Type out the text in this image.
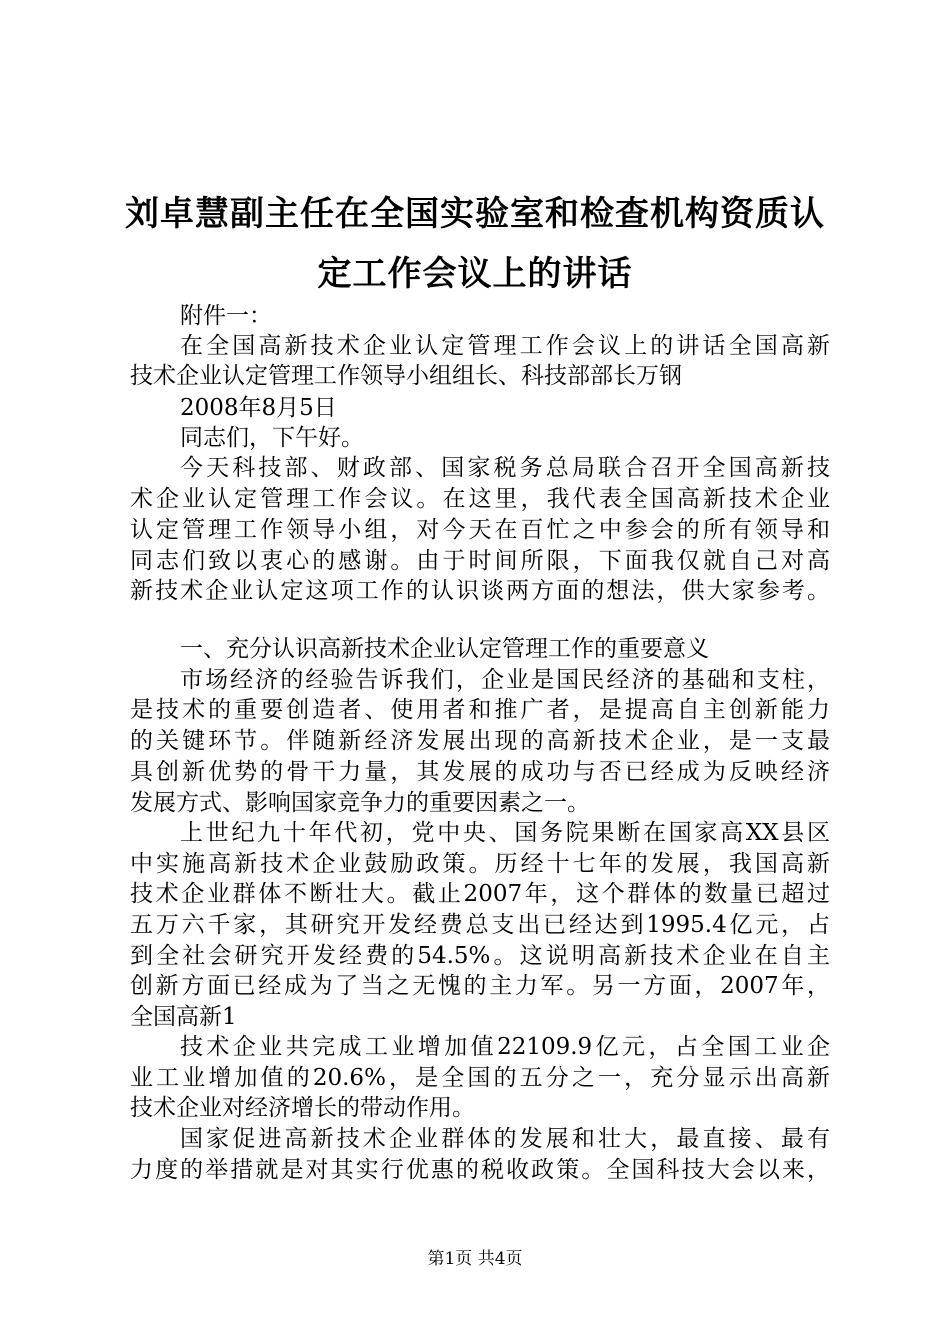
刘卓慧副主任在全国实验室和检查机构资质认
定工作会议上的讲话
附件一：
在全国高新技术企业认定管理工作会议上的讲话全国高新
技术企业认定管理工作领导小组组长、科技部部长万钢
2008年8月5日
同志们，下午好。
今天科技部、财政部、国家税务总局联合召开全国高新技
术企业认定管理工作会议。在这里，我代表全国高新技术企业
认定管理工作领导小组，对今天在百忙之中参会的所有领导和
同志们致以衷心的感谢。由于时间所限，下面我仅就自己对高
新技术企业认定这项工作的认识谈两方面的想法，供大家参考。
一、充分认识高新技术企业认定管理工作的重要意义
市场经济的经验告诉我们，企业是国民经济的基础和支柱，
是技术的重要创造者、使用者和推广者，是提高自主创新能力
的关键环节。伴随新经济发展出现的高新技术企业，是一支最
具创新优势的骨干力量，其发展的成功与否已经成为反映经济
发展方式、影响国家竞争力的重要因素之一。
上世纪九十年代初，党中央、国务院果断在国家高XX县区
中实施高新技术企业鼓励政策。历经十七年的发展，我国高新
技术企业群体不断壮大。截止2007年，这个群体的数量已超过
五万六千家，其研究开发经费总支出已经达到1995.4亿元，占
到全社会研究开发经费的54.5%。这说明高新技术企业在自主
创新方面已经成为了当之无愧的主力军。另一方面，2007年，
全国高新1
技术企业共完成工业增加值22109.9亿元，占全国工业企
业工业增加值的20.6%，是全国的五分之一，充分显示出高新
技术企业对经济增长的带动作用。
国家促进高新技术企业群体的发展和壮大，最直接、最有
力度的举措就是对其实行优惠的税收政策。全国科技大会以来，
第1页 共4页
